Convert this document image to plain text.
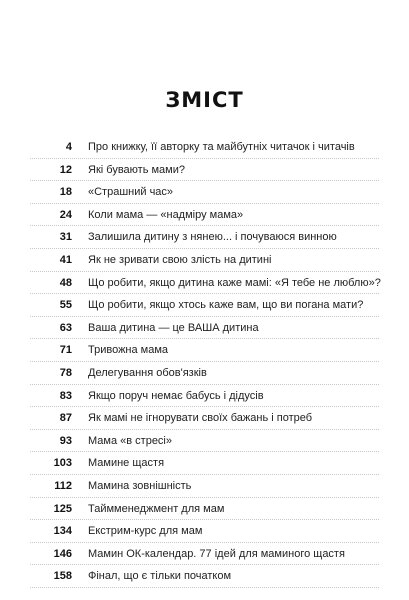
ЗМІСТ
4 Про книжку, її авторку та майбутніх читачок і читачів
12 Які бувають мами?
18 «Страшний час»
24 Коли мама — «надміру мама»
31 Залишила дитину з нянею... і почуваюся винною
41 Як не зривати свою злість на дитині
48 Що робити, якщо дитина каже мамі: «Я тебе не люблю»?
55 Що робити, якщо хтось каже вам, що ви погана мати?
63 Ваша дитина — це ВАША дитина
71 Тривожна мама
78 Делегування обов'язків
83 Якщо поруч немає бабусь і дідусів
87 Як мамі не ігнорувати своїх бажань і потреб
93 Мама «в стресі»
103 Мамине щастя
112 Мамина зовнішність
125 Таймменеджмент для мам
134 Екстрим-курс для мам
146 Мамин ОК-календар. 77 ідей для маминого щастя
158 Фінал, що є тільки початком
